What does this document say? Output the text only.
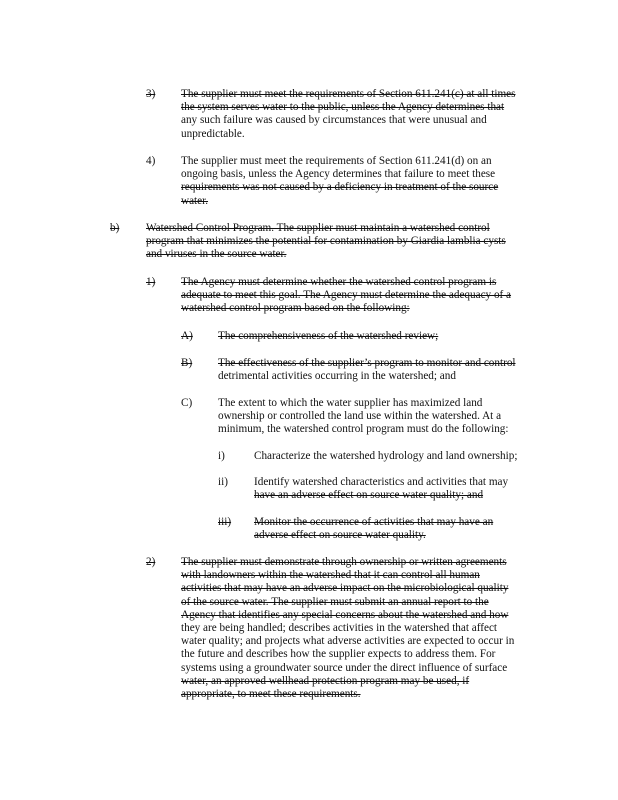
3) The supplier must meet the requirements of Section 611.241(c) at all times
the system serves water to the public, unless the Agency determines that
any such failure was caused by circumstances that were unusual and
unpredictable.
4) The supplier must meet the requirements of Section 611.241(d) on an
ongoing basis, unless the Agency determines that failure to meet these
requirements was not caused by a deficiency in treatment of the source
water.
b) Watershed Control Program. The supplier must maintain a watershed control
program that minimizes the potential for contamination by Giardia lamblia cysts
and viruses in the source water.
1) The Agency must determine whether the watershed control program is
adequate to meet this goal. The Agency must determine the adequacy of a
watershed control program based on the following:
A) The comprehensiveness of the watershed review;
B) The effectiveness of the supplier’s program to monitor and control
detrimental activities occurring in the watershed; and
C) The extent to which the water supplier has maximized land
ownership or controlled the land use within the watershed. At a
minimum, the watershed control program must do the following:
i)	Characterize the watershed hydrology and land ownership;
ii) Identify watershed characteristics and activities that may
have an adverse effect on source water quality; and
iii) Monitor the occurrence of activities that may have an
adverse effect on source water quality.
2) The supplier must demonstrate through ownership or written agreements
with landowners within the watershed that it can control all human
activities that may have an adverse impact on the microbiological quality
of the source water. The supplier must submit an annual report to the
Agency that identifies any special concerns about the watershed and how
they are being handled; describes activities in the watershed that affect
water quality; and projects what adverse activities are expected to occur in
the future and describes how the supplier expects to address them. For
systems using a groundwater source under the direct influence of surface
water, an approved wellhead protection program may be used, if
appropriate, to meet these requirements.
